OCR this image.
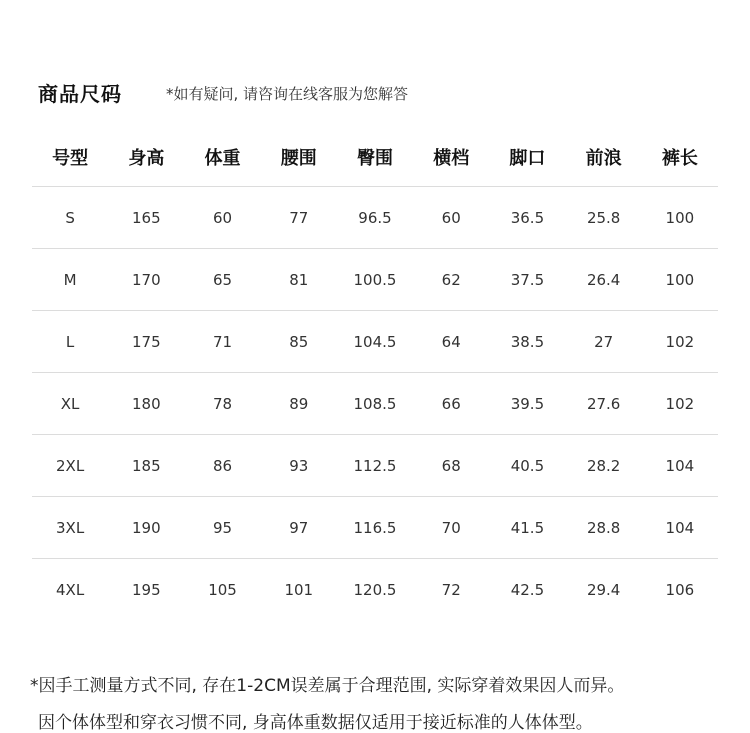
商品尺码	*如有疑问, 请咨询在线客服为您解答
号型	身高	体重	腰围	臀围	横档	脚口	前浪	裤长
S	165	60	77	96.5	60	36.5	25.8	100
M	170	65	81	100.5	62	37.5	26.4	100
L	175	71	85	104.5	64	38.5	27	102
XL	180	78	89	108.5	66	39.5	27.6	102
2XL	185	86	93	112.5	68	40.5	28.2	104
3XL	190	95	97	116.5	70	41.5	28.8	104
4XL	195	105	101	120.5	72	42.5	29.4	106
*因手工测量方式不同, 存在1-2CM误差属于合理范围, 实际穿着效果因人而异。
因个体体型和穿衣习惯不同, 身高体重数据仅适用于接近标准的人体体型。
